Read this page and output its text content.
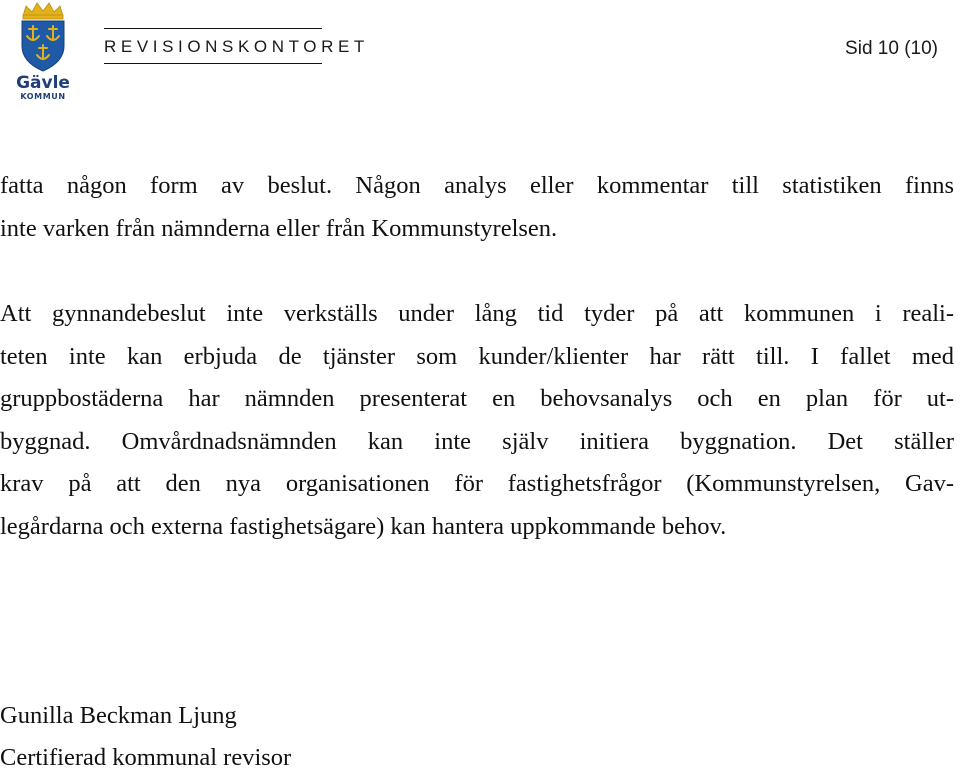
Gävle
KOMMUN
REVISIONSKONTORET	Sid 10 (10)
fatta någon form av beslut. Någon analys eller kommentar till statistiken finns
inte varken från nämnderna eller från Kommunstyrelsen.
Att gynnandebeslut inte verkställs under lång tid tyder på att kommunen i reali-
teten inte kan erbjuda de tjänster som kunder/klienter har rätt till. I fallet med
gruppbostäderna har nämnden presenterat en behovsanalys och en plan för ut-
byggnad. Omvårdnadsnämnden kan inte själv initiera byggnation. Det ställer
krav på att den nya organisationen för fastighetsfrågor (Kommunstyrelsen, Gav-
legårdarna och externa fastighetsägare) kan hantera uppkommande behov.
Gunilla Beckman Ljung
Certifierad kommunal revisor
